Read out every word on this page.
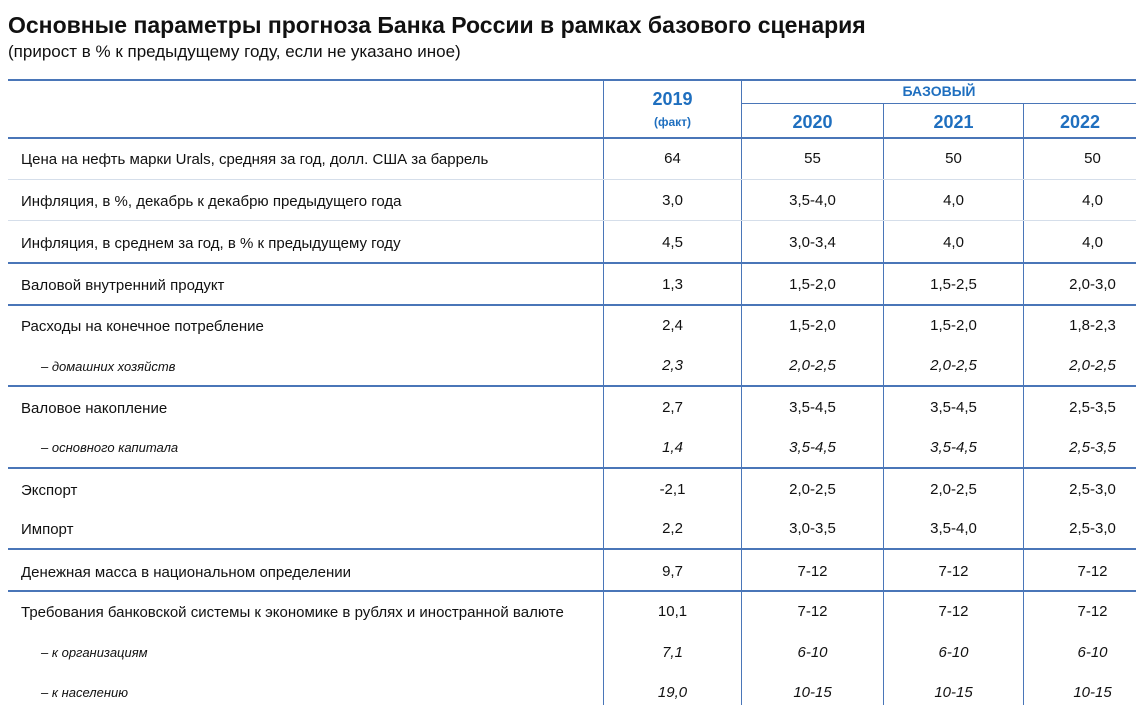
Основные параметры прогноза Банка России в рамках базового сценария
(прирост в % к предыдущему году, если не указано иное)
2019
(факт)
БАЗОВЫЙ
2020	2021	2022
Цена на нефть марки Urals, средняя за год, долл. США за баррель	64	55	50	50
Инфляция, в %, декабрь к декабрю предыдущего года	3,0	3,5-4,0	4,0	4,0
Инфляция, в среднем за год, в % к предыдущему году	4,5	3,0-3,4	4,0	4,0
Валовой внутренний продукт	1,3	1,5-2,0	1,5-2,5	2,0-3,0
Расходы на конечное потребление	2,4	1,5-2,0	1,5-2,0	1,8-2,3
– домашних хозяйств	2,3	2,0-2,5	2,0-2,5	2,0-2,5
Валовое накопление	2,7	3,5-4,5	3,5-4,5	2,5-3,5
– основного капитала	1,4	3,5-4,5	3,5-4,5	2,5-3,5
Экспорт	-2,1	2,0-2,5	2,0-2,5	2,5-3,0
Импорт	2,2	3,0-3,5	3,5-4,0	2,5-3,0
Денежная масса в национальном определении	9,7	7-12	7-12	7-12
Требования банковской системы к экономике в рублях и иностранной валюте	10,1	7-12	7-12	7-12
– к организациям	7,1	6-10	6-10	6-10
– к населению	19,0	10-15	10-15	10-15
